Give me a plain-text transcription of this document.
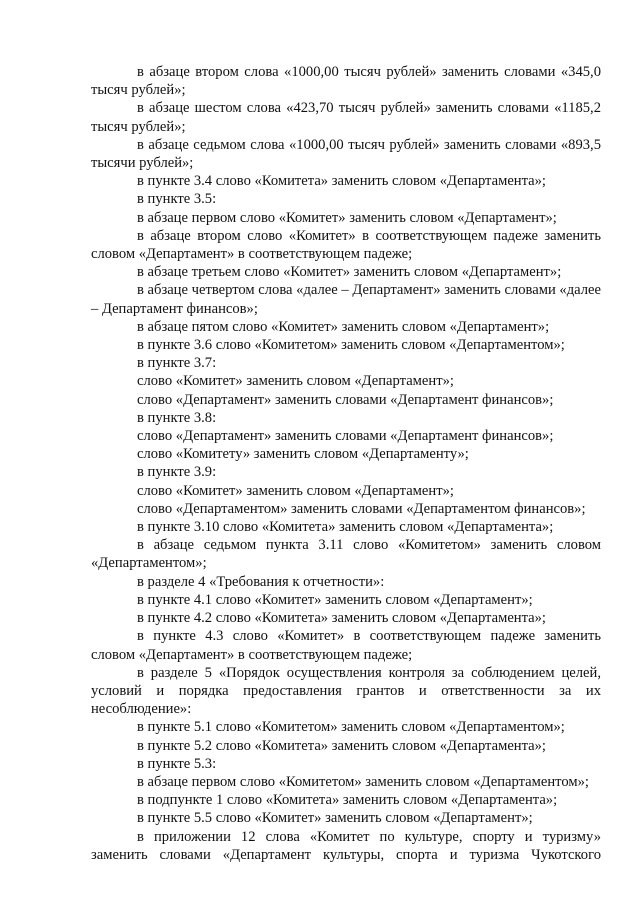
в абзаце втором слова «1000,00 тысяч рублей» заменить словами «345,0 тысяч рублей»;

в абзаце шестом слова «423,70 тысяч рублей» заменить словами «1185,2 тысяч рублей»;

в абзаце седьмом слова «1000,00 тысяч рублей» заменить словами «893,5 тысячи рублей»;

в пункте 3.4 слово «Комитета» заменить словом «Департамента»;

в пункте 3.5:

в абзаце первом слово «Комитет» заменить словом «Департамент»;

в абзаце втором слово «Комитет» в соответствующем падеже заменить словом «Департамент» в соответствующем падеже;

в абзаце третьем слово «Комитет» заменить словом «Департамент»;

в абзаце четвертом слова «далее – Департамент» заменить словами «далее – Департамент финансов»;

в абзаце пятом слово «Комитет» заменить словом «Департамент»;

в пункте 3.6 слово «Комитетом» заменить словом «Департаментом»;

в пункте 3.7:

слово «Комитет» заменить словом «Департамент»;

слово «Департамент» заменить словами «Департамент финансов»;

в пункте 3.8:

слово «Департамент» заменить словами «Департамент финансов»;

слово «Комитету» заменить словом «Департаменту»;

в пункте 3.9:

слово «Комитет» заменить словом «Департамент»;

слово «Департаментом» заменить словами «Департаментом финансов»;

в пункте 3.10 слово «Комитета» заменить словом «Департамента»;

в абзаце седьмом пункта 3.11 слово «Комитетом» заменить словом «Департаментом»;

в разделе 4 «Требования к отчетности»:

в пункте 4.1 слово «Комитет» заменить словом «Департамент»;

в пункте 4.2 слово «Комитета» заменить словом «Департамента»;

в пункте 4.3 слово «Комитет» в соответствующем падеже заменить словом «Департамент» в соответствующем падеже;

в разделе 5 «Порядок осуществления контроля за соблюдением целей, условий и порядка предоставления грантов и ответственности за их несоблюдение»:

в пункте 5.1 слово «Комитетом» заменить словом «Департаментом»;

в пункте 5.2 слово «Комитета» заменить словом «Департамента»;

в пункте 5.3:

в абзаце первом слово «Комитетом» заменить словом «Департаментом»;

в подпункте 1 слово «Комитета» заменить словом «Департамента»;

в пункте 5.5 слово «Комитет» заменить словом «Департамент»;

в приложении 12 слова «Комитет по культуре, спорту и туризму» заменить словами «Департамент культуры, спорта и туризма Чукотского
